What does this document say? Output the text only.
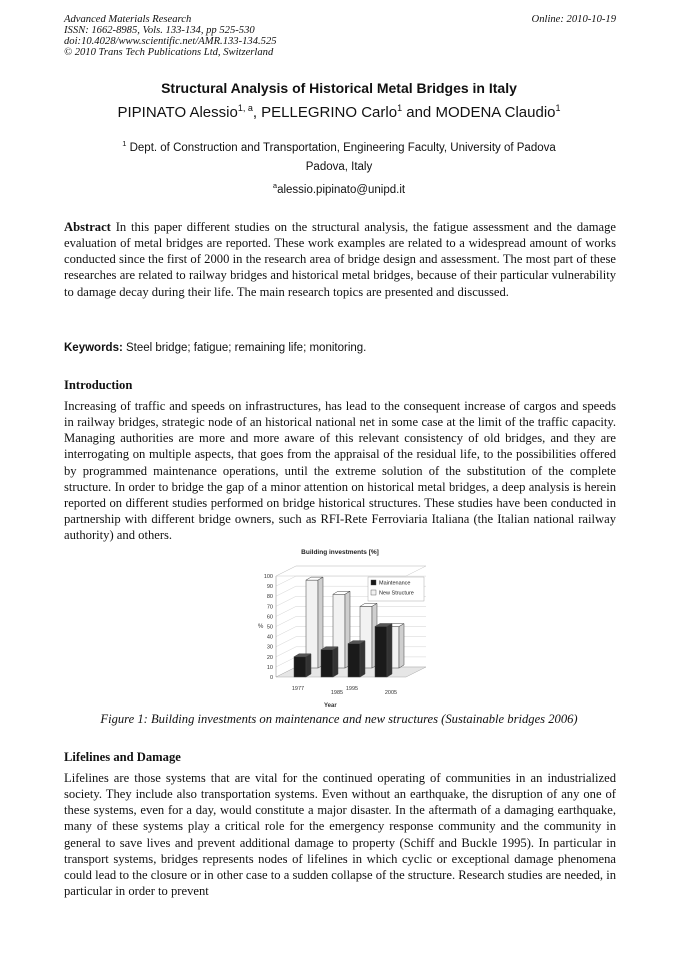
Advanced Materials Research
ISSN: 1662-8985, Vols. 133-134, pp 525-530
doi:10.4028/www.scientific.net/AMR.133-134.525
© 2010 Trans Tech Publications Ltd, Switzerland
Online: 2010-10-19
Structural Analysis of Historical Metal Bridges in Italy
PIPINATO Alessio$^{1, a}$, PELLEGRINO Carlo$^1$ and MODENA Claudio$^1$
$^1$ Dept. of Construction and Transportation, Engineering Faculty, University of Padova
Padova, Italy
$^a$alessio.pipinato@unipd.it

Abstract In this paper different studies on the structural analysis, the fatigue assessment and the damage evaluation of metal bridges are reported. These work examples are related to a widespread amount of works conducted since the first of 2000 in the research area of bridge design and assessment. The most part of these researches are related to railway bridges and historical metal bridges, because of their particular vulnerability to damage decay during their life. The main research topics are presented and discussed.

Keywords: Steel bridge; fatigue; remaining life; monitoring.
Introduction

Increasing of traffic and speeds on infrastructures, has lead to the consequent increase of cargos and speeds in railway bridges, strategic node of an historical national net in some case at the limit of the traffic capacity. Managing authorities are more and more aware of this relevant consistency of old bridges, and they are interrogating on multiple aspects, that goes from the appraisal of the residual life, to the possibilities offered by programmed maintenance operations, until the extreme solution of the substitution of the complete structure. In order to bridge the gap of a minor attention on historical metal bridges, a deep analysis is herein reported on different studies performed on bridge historical structures. These studies have been conducted in partnership with different bridge owners, such as RFI-Rete Ferroviaria Italiana (the Italian national railway authority) and others.

Building investments [%]
0
10
20
30
40
50
60
70
80
90
100
%
1977
1985
1995
2005
Year
Maintenance
New Structure
Figure 1: Building investments on maintenance and new structures (Sustainable bridges 2006)
Lifelines and Damage

Lifelines are those systems that are vital for the continued operating of communities in an industrialized society. They include also transportation systems. Even without an earthquake, the disruption of any one of these systems, even for a day, would constitute a major disaster. In the aftermath of a damaging earthquake, many of these systems play a critical role for the emergency response community and the community in general to save lives and prevent additional damage to property (Schiff and Buckle 1995). In particular in transport systems, bridges represents nodes of lifelines in which cyclic or exceptional damage phenomena could lead to the closure or in other case to a sudden collapse of the structure. Research studies are needed, in particular in order to prevent
